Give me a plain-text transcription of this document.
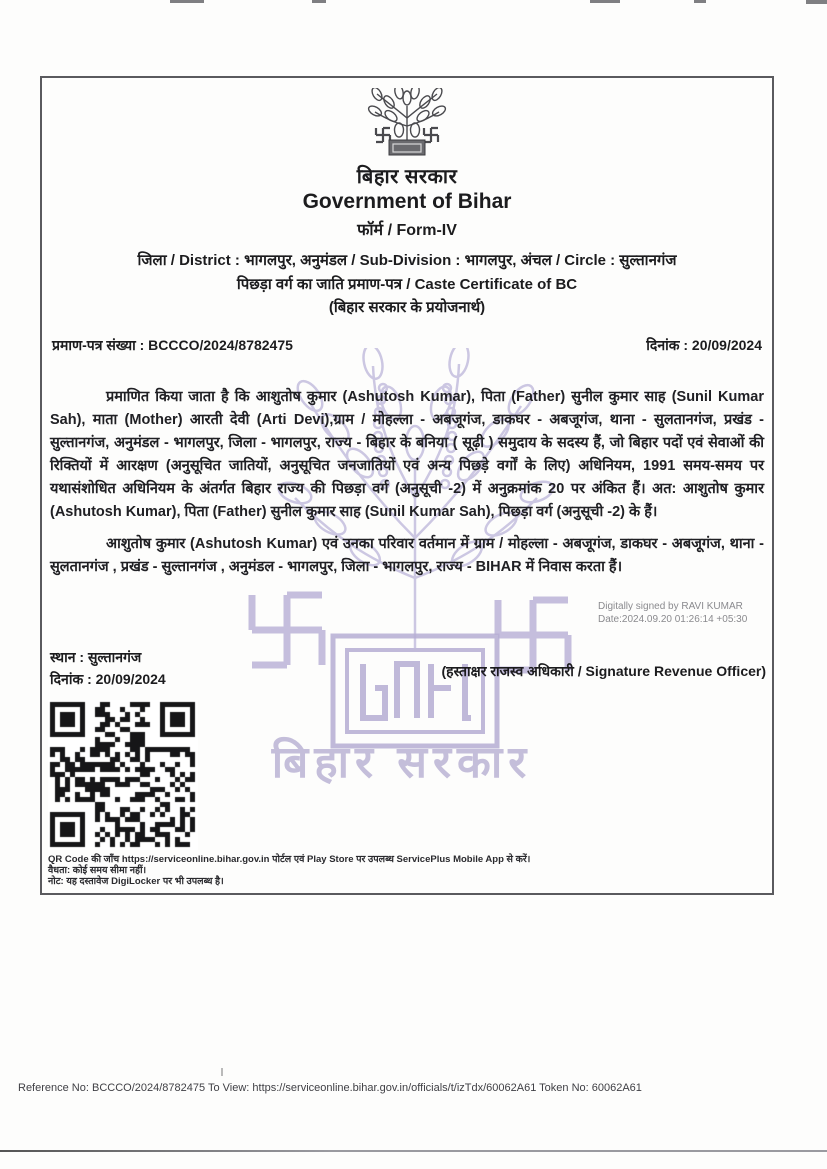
बिहार सरकार
बिहार सरकार
Government of Bihar
फॉर्म / Form-IV
जिला / District : भागलपुर, अनुमंडल / Sub-Division : भागलपुर, अंचल / Circle : सुल्तानगंज
पिछड़ा वर्ग का जाति प्रमाण-पत्र / Caste Certificate of BC
(बिहार सरकार के प्रयोजनार्थ)
प्रमाण-पत्र संख्या : BCCCO/2024/8782475	दिनांक : 20/09/2024
प्रमाणित किया जाता है कि आशुतोष कुमार (Ashutosh Kumar), पिता (Father) सुनील कुमार साह (Sunil Kumar Sah), माता (Mother) आरती देवी (Arti Devi),ग्राम / मोहल्ला - अबजूगंज, डाकघर - अबजूगंज, थाना - सुलतानगंज, प्रखंड - सुल्तानगंज, अनुमंडल - भागलपुर, जिला - भागलपुर, राज्य - बिहार के बनिया ( सूढ़ी ) समुदाय के सदस्य हैं, जो बिहार पदों एवं सेवाओं की रिक्तियों में आरक्षण (अनुसूचित जातियों, अनुसूचित जनजातियों एवं अन्य पिछड़े वर्गों के लिए) अधिनियम, 1991 समय-समय पर यथासंशोधित अधिनियम के अंतर्गत बिहार राज्य की पिछड़ा वर्ग (अनुसूची -2) में अनुक्रमांक 20 पर अंकित हैं। अत: आशुतोष कुमार (Ashutosh Kumar), पिता (Father) सुनील कुमार साह (Sunil Kumar Sah), पिछड़ा वर्ग (अनुसूची -2) के हैं।
आशुतोष कुमार (Ashutosh Kumar) एवं उनका परिवार वर्तमान में ग्राम / मोहल्ला - अबजूगंज, डाकघर - अबजूगंज, थाना - सुलतानगंज , प्रखंड - सुल्तानगंज , अनुमंडल - भागलपुर, जिला - भागलपुर, राज्य - BIHAR में निवास करता हैं।
Digitally signed by RAVI KUMAR
Date:2024.09.20 01:26:14 +05:30
स्थान : सुल्तानगंज
दिनांक : 20/09/2024	(हस्ताक्षर राजस्व अधिकारी / Signature Revenue Officer)
QR Code की जाँच https://serviceonline.bihar.gov.in पोर्टल एवं Play Store पर उपलब्ध ServicePlus Mobile App से करें।
वैधता: कोई समय सीमा नहीं।
नोट: यह दस्तावेज DigiLocker पर भी उपलब्ध है।
Reference No: BCCCO/2024/8782475 To View: https://serviceonline.bihar.gov.in/officials/t/izTdx/60062A61 Token No: 60062A61
